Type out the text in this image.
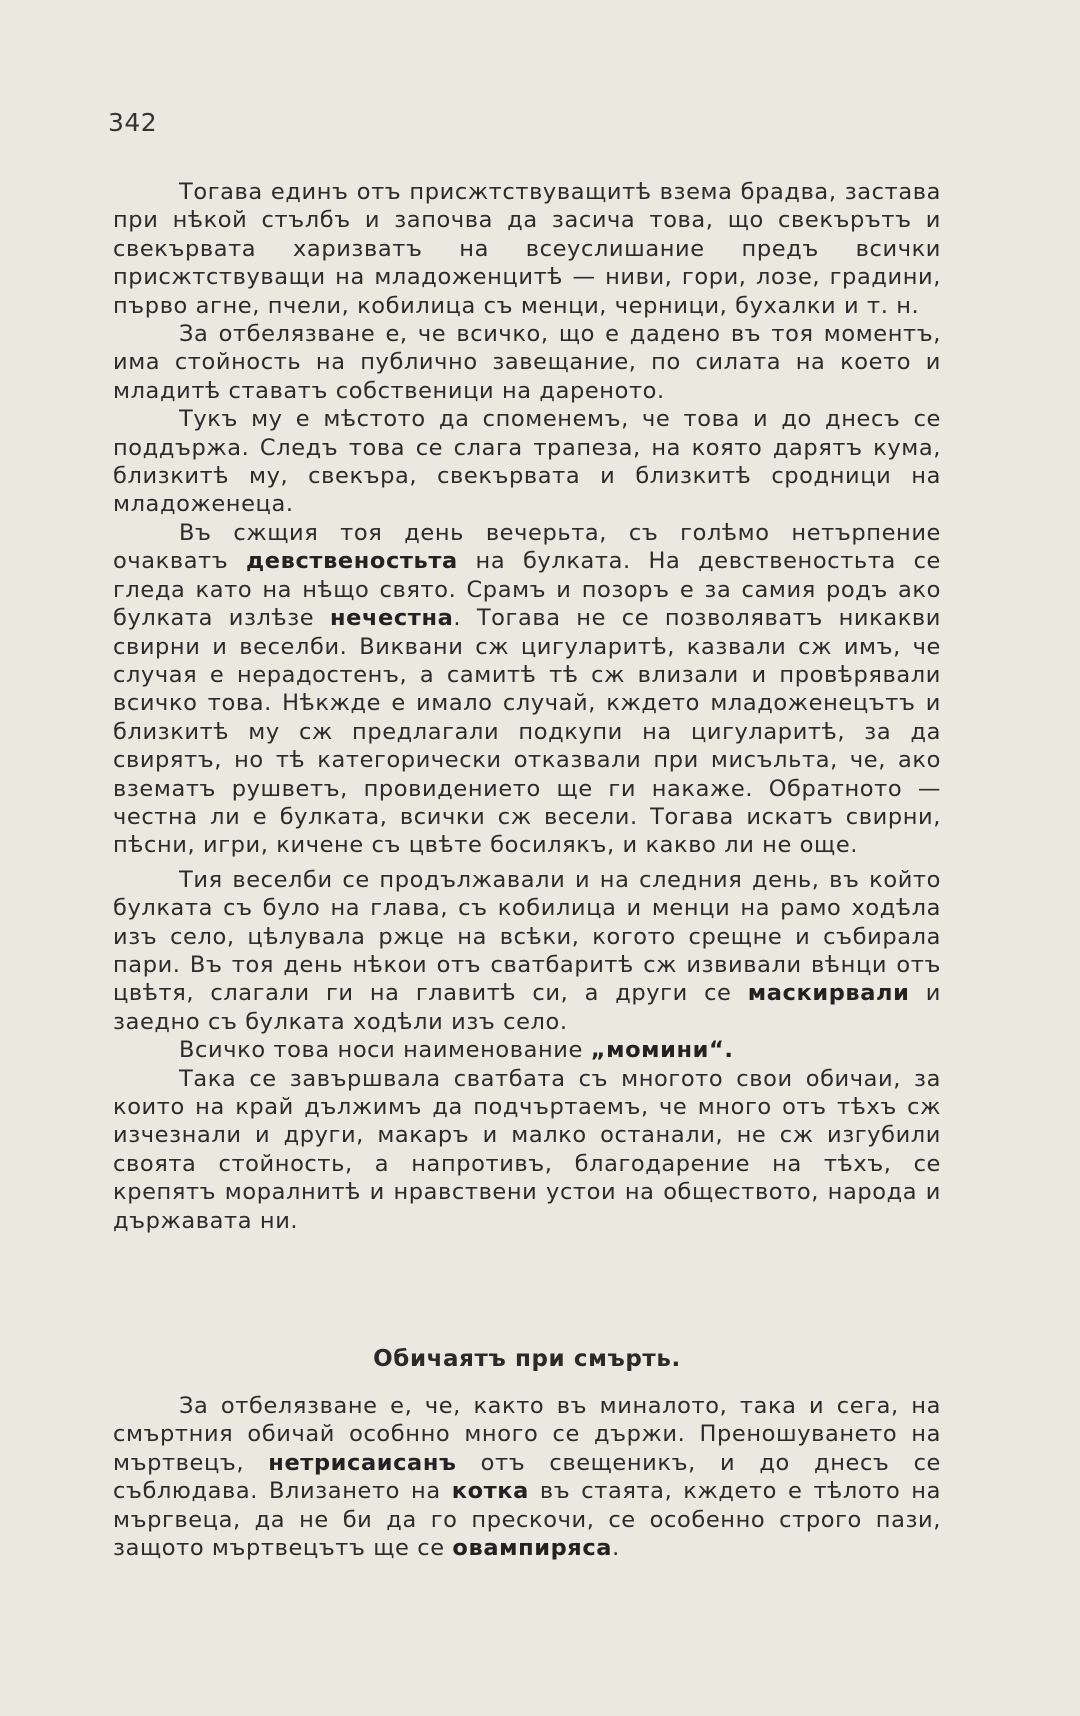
342

Тогава единъ отъ присжтствуващитѣ взема брадва, застава при нѣкой стълбъ и започва да засича това, що свекърътъ и свекървата харизватъ на всеуслишание предъ всички присжтствуващи на младоженцитѣ — ниви, гори, лозе, градини, първо агне, пчели, кобилица съ менци, черници, бухалки и т. н.

За отбелязване е, че всичко, що е дадено въ тоя моментъ, има стойность на публично завещание, по силата на което и младитѣ ставатъ собственици на дареното.

Тукъ му е мѣстото да споменемъ, че това и до днесъ се поддържа. Следъ това се слага трапеза, на която дарятъ кума, близкитѣ му, свекъра, свекървата и близкитѣ сродници на младоженеца.

Въ сжщия тоя день вечерьта, съ голѣмо нетърпение очакватъ девственостьта на булката. На девственостьта се гледа като на нѣщо свято. Срамъ и позоръ е за самия родъ ако булката излѣзе нечестна. Тогава не се позволяватъ никакви свирни и веселби. Виквани сж цигуларитѣ, казвали сж имъ, че случая е нерадостенъ, а самитѣ тѣ сж влизали и провѣрявали всичко това. Нѣкжде е имало случай, кждето младоженецътъ и близкитѣ му сж предлагали подкупи на цигуларитѣ, за да свирятъ, но тѣ категорически отказвали при мисъльта, че, ако взематъ рушветъ, провидението ще ги накаже. Обратното — честна ли е булката, всички сж весели. Тогава искатъ свирни, пѣсни, игри, кичене съ цвѣте босилякъ, и какво ли не още.

Тия веселби се продължавали и на следния день, въ който булката съ було на глава, съ кобилица и менци на рамо ходѣла изъ село, цѣлувала ржце на всѣки, когото срещне и събирала пари. Въ тоя день нѣкои отъ сватбаритѣ сж извивали вѣнци отъ цвѣтя, слагали ги на главитѣ си, а други се маскирвали и заедно съ булката ходѣли изъ село.

Всичко това носи наименование „момини“.

Така се завършвала сватбата съ многото свои обичаи, за които на край дължимъ да подчъртаемъ, че много отъ тѣхъ сж изчезнали и други, макаръ и малко останали, не сж изгубили своята стойность, а напротивъ, благодарение на тѣхъ, се крепятъ моралнитѣ и нравствени устои на обществото, народа и държавата ни.

Обичаятъ при смърть.

За отбелязване е, че, както въ миналото, така и сега, на смъртния обичай особнно много се държи. Преношуването на мъртвецъ, нетрисаисанъ отъ свещеникъ, и до днесъ се съблюдава. Влизането на котка въ стаята, кждето е тѣлото на мъргвеца, да не би да го прескочи, се особенно строго пази, защото мъртвецътъ ще се овампиряса.
